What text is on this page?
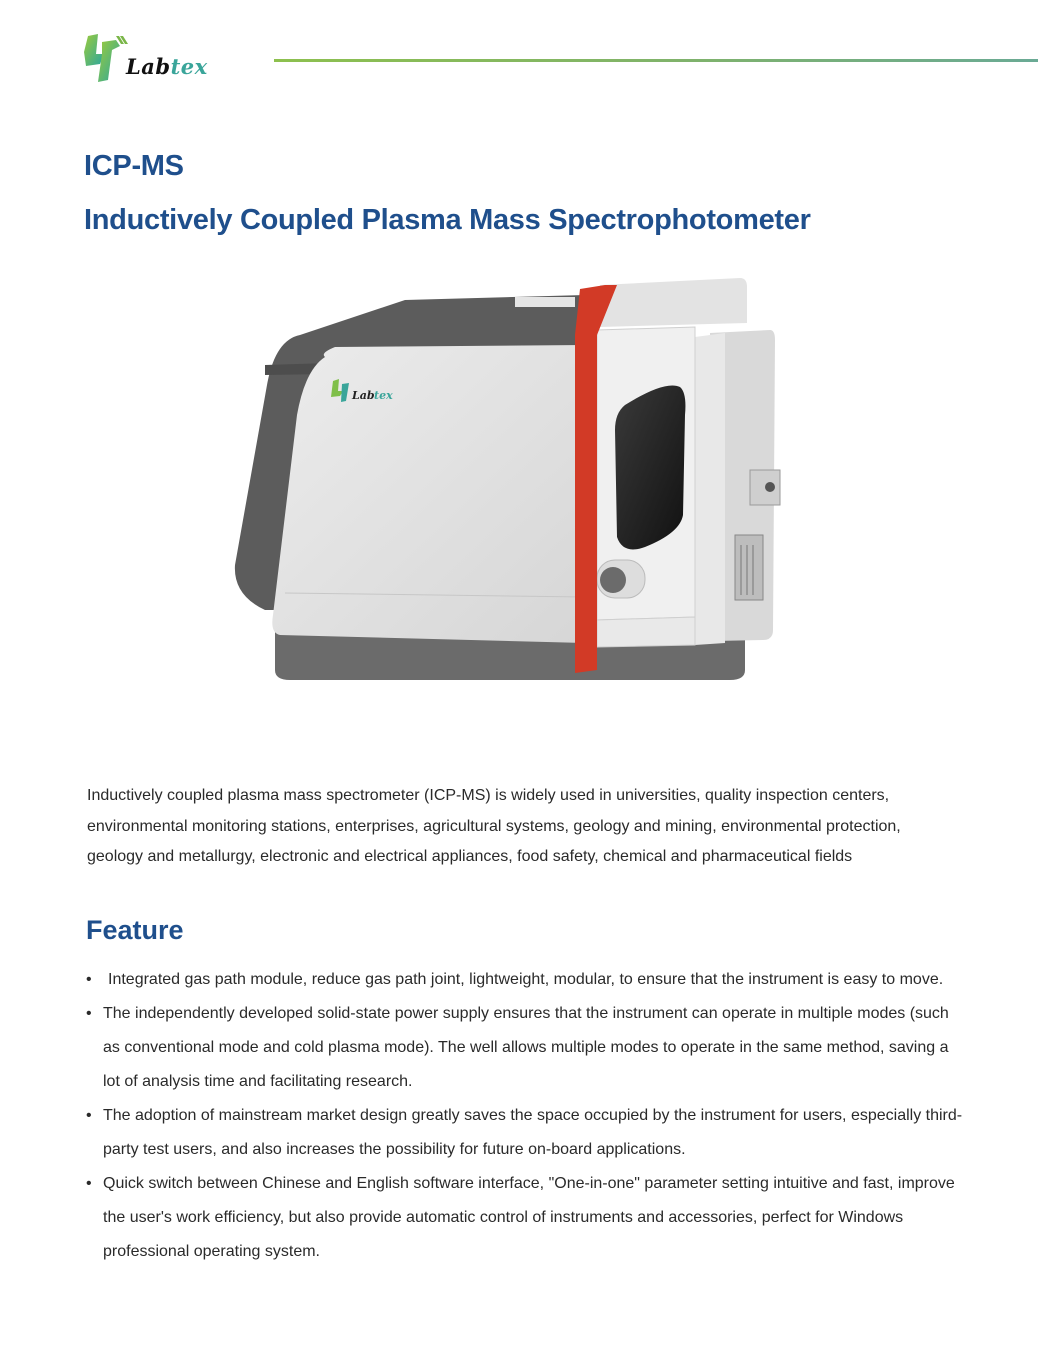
Labtex
ICP-MS
Inductively Coupled Plasma Mass Spectrophotometer
Lab tex

Inductively coupled plasma mass spectrometer (ICP-MS) is widely used in universities, quality inspection centers, environmental monitoring stations, enterprises, agricultural systems, geology and mining, environmental protection, geology and metallurgy, electronic and electrical appliances, food safety, chemical and pharmaceutical fields

Feature
• Integrated gas path module, reduce gas path joint, lightweight, modular, to ensure that the instrument is easy to move.
• The independently developed solid-state power supply ensures that the instrument can operate in multiple modes (such as conventional mode and cold plasma mode). The well allows multiple modes to operate in the same method, saving a lot of analysis time and facilitating research.
• The adoption of mainstream market design greatly saves the space occupied by the instrument for users, especially third-party test users, and also increases the possibility for future on-board applications.
• Quick switch between Chinese and English software interface, "One-in-one" parameter setting intuitive and fast, improve the user's work efficiency, but also provide automatic control of instruments and accessories, perfect for Windows professional operating system.
